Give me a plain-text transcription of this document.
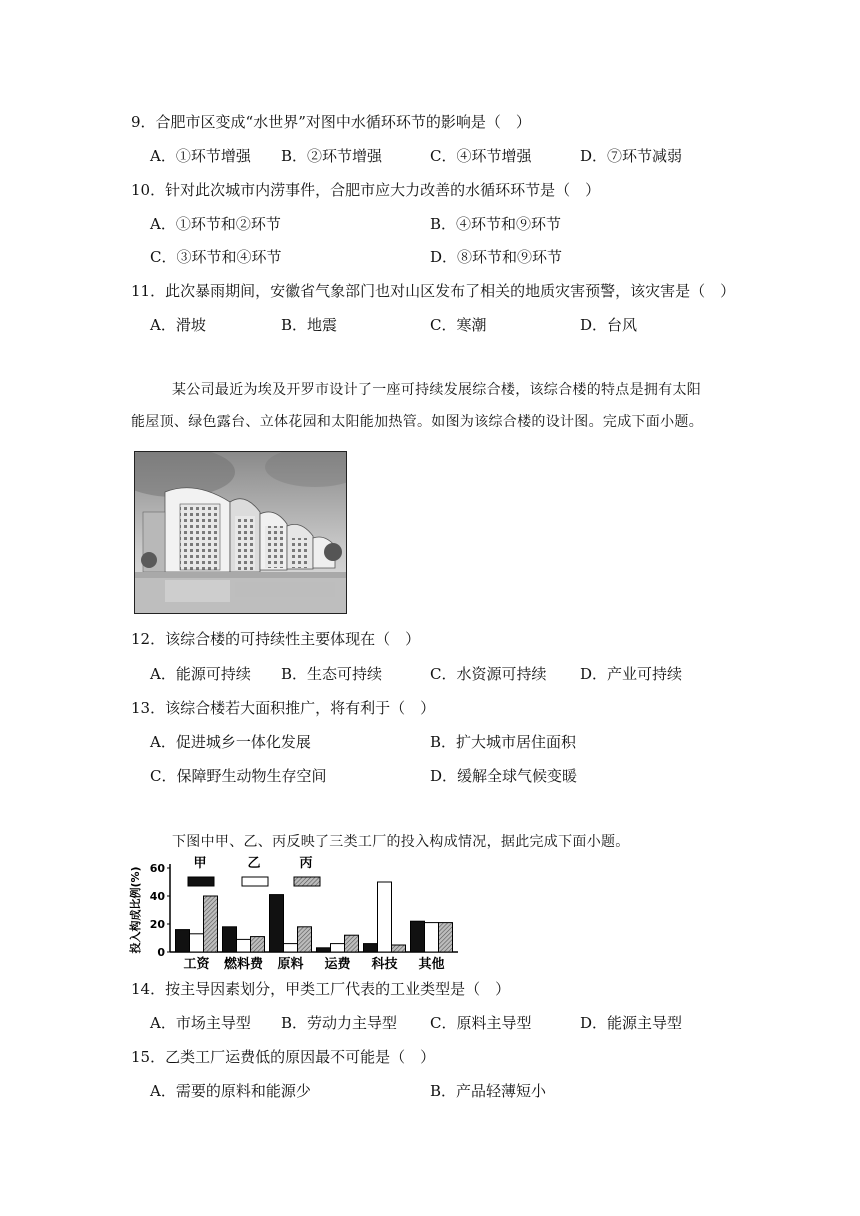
9．合肥市区变成“水世界”对图中水循环环节的影响是（　）
A．①环节增强 B．②环节增强	C．④环节增强	D．⑦环节减弱
10．针对此次城市内涝事件，合肥市应大力改善的水循环环节是（　）
A．①环节和②环节	B．④环节和⑨环节
C．③环节和④环节	D．⑧环节和⑨环节
11．此次暴雨期间，安徽省气象部门也对山区发布了相关的地质灾害预警，该灾害是（　）
A．滑坡	B．地震	C．寒潮	D．台风
某公司最近为埃及开罗市设计了一座可持续发展综合楼，该综合楼的特点是拥有太阳
能屋顶、绿色露台、立体花园和太阳能加热管。如图为该综合楼的设计图。完成下面小题。
12．该综合楼的可持续性主要体现在（　）
A．能源可持续 B．生态可持续	C．水资源可持续 D．产业可持续
13．该综合楼若大面积推广，将有利于（　）
A．促进城乡一体化发展	B．扩大城市居住面积
C．保障野生动物生存空间	D．缓解全球气候变暖
下图中甲、乙、丙反映了三类工厂的投入构成情况，据此完成下面小题。
投入构成比例(%) 0
20
40
60
工资 燃料费 原料 运费 科技 其他
甲	乙	丙
14．按主导因素划分，甲类工厂代表的工业类型是（　）
A．市场主导型 B．劳动力主导型 C．原料主导型	D．能源主导型
15．乙类工厂运费低的原因最不可能是（　）
A．需要的原料和能源少	B．产品轻薄短小
